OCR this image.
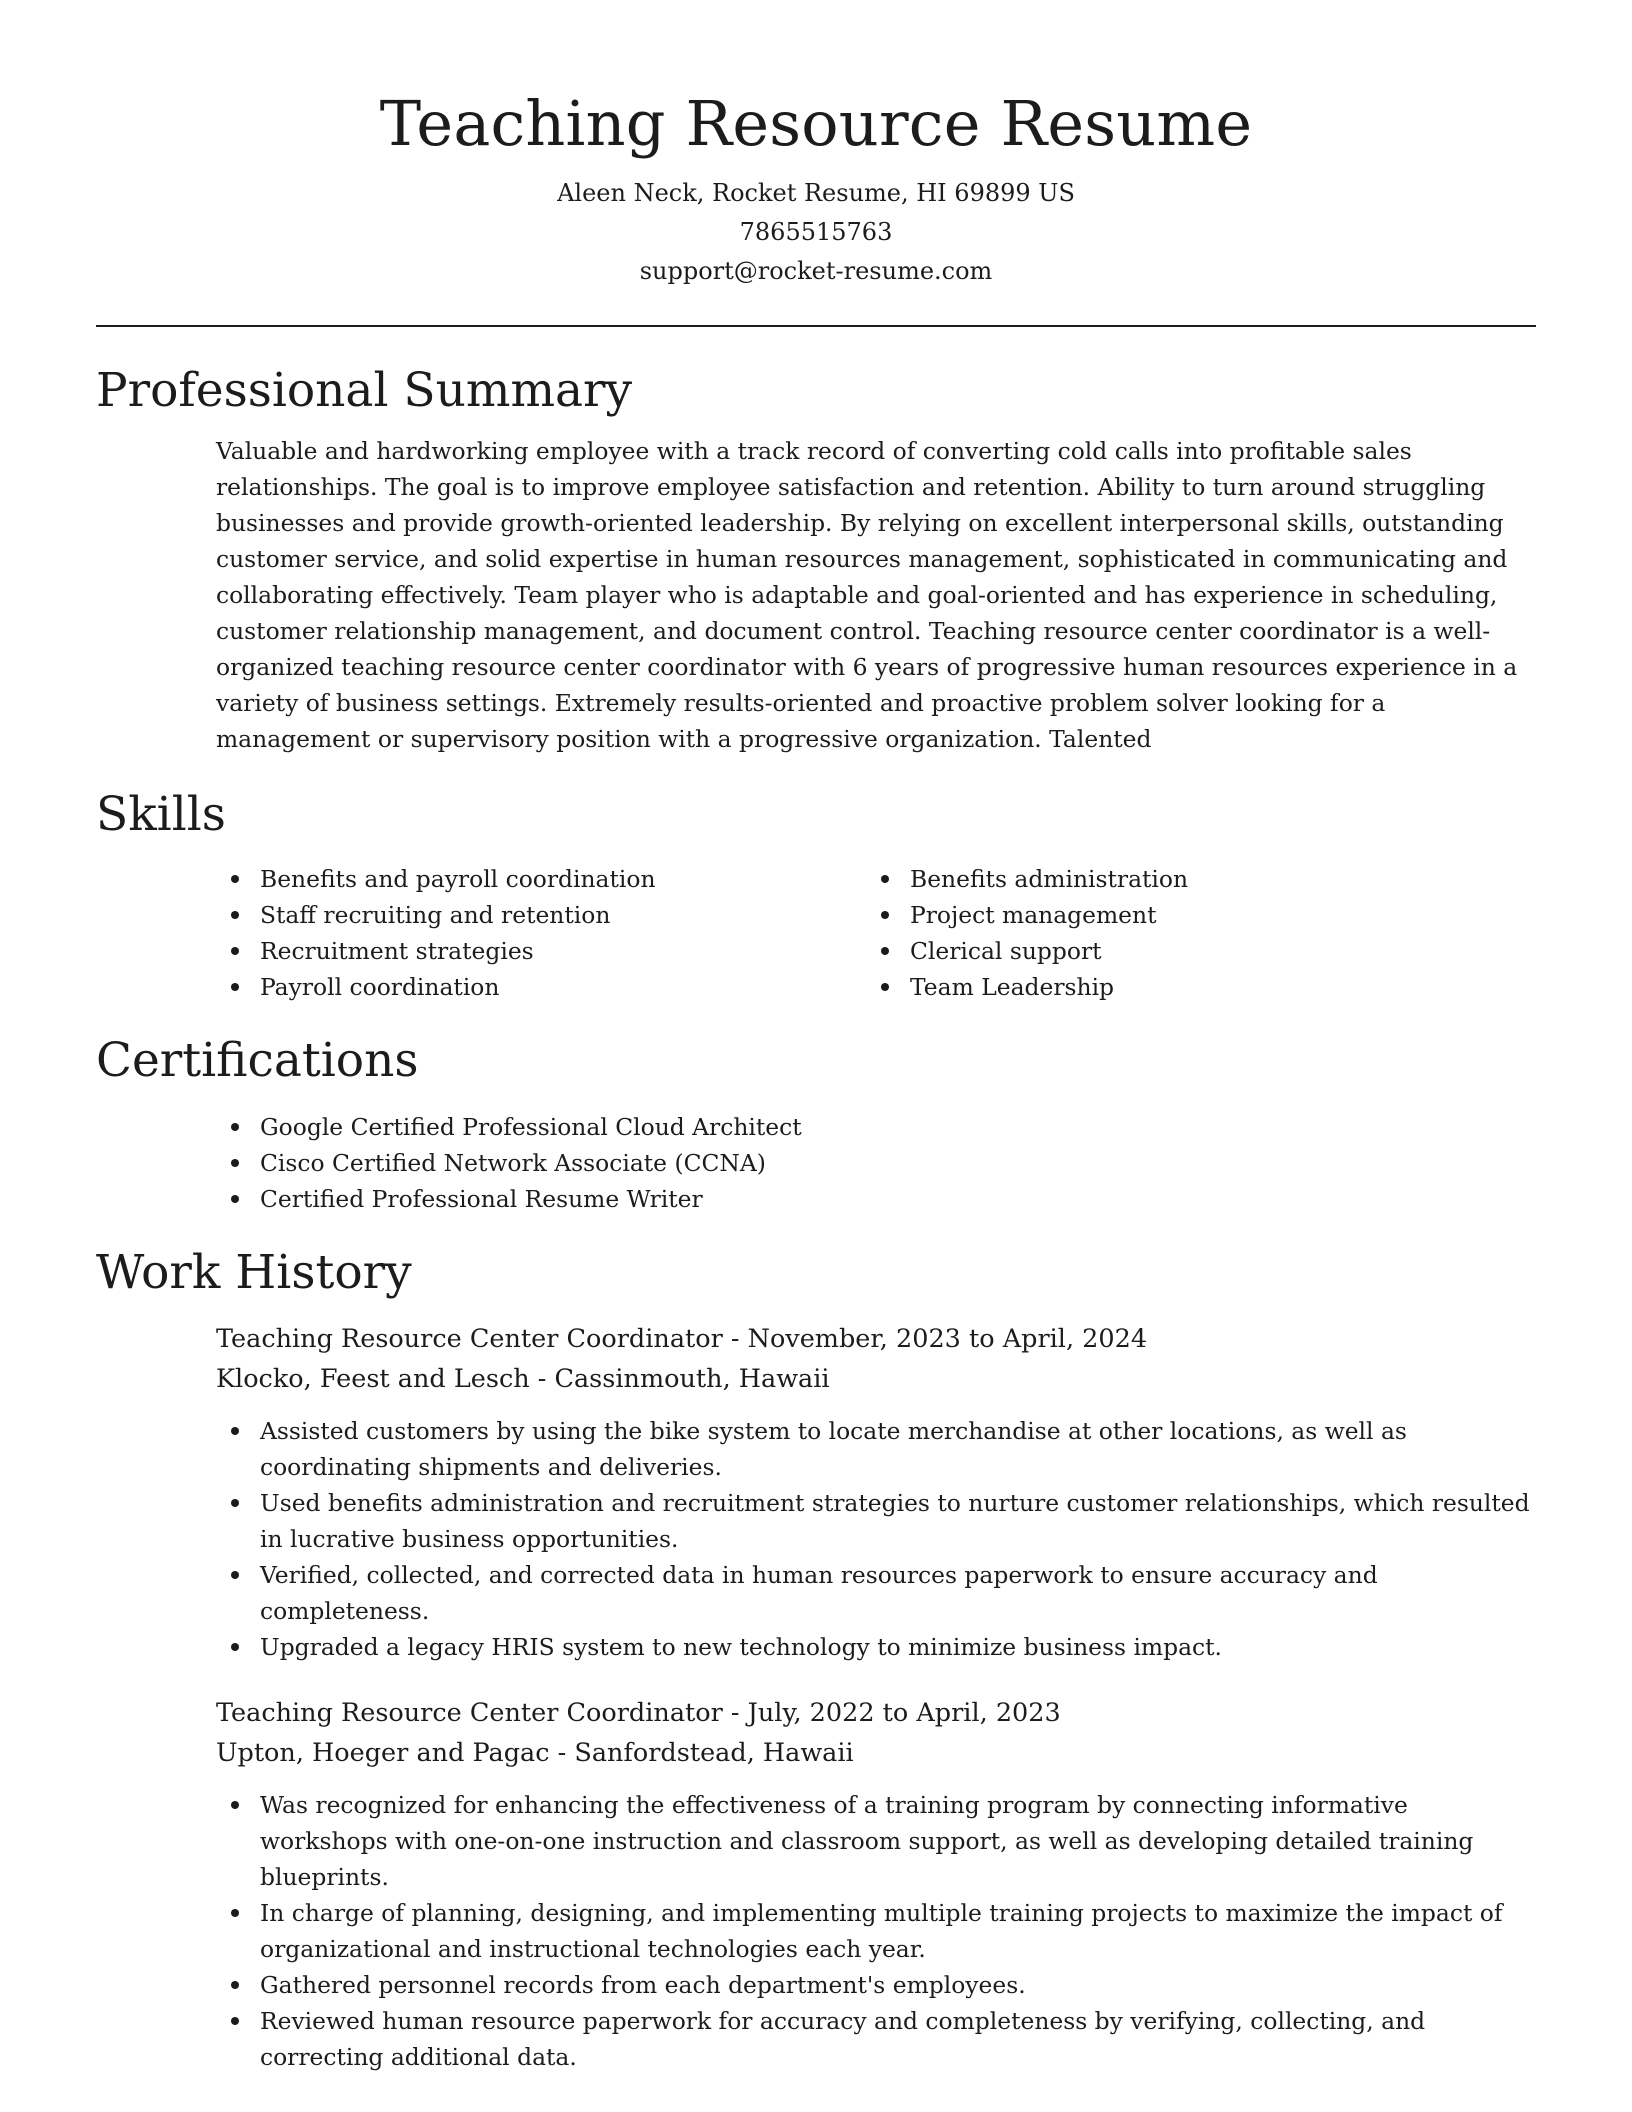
Teaching Resource Resume
Aleen Neck, Rocket Resume, HI 69899 US
7865515763
support@rocket-resume.com
Professional Summary

Valuable and hardworking employee with a track record of converting cold calls into profitable sales relationships. The goal is to improve employee satisfaction and retention. Ability to turn around struggling businesses and provide growth-oriented leadership. By relying on excellent interpersonal skills, outstanding customer service, and solid expertise in human resources management, sophisticated in communicating and collaborating effectively. Team player who is adaptable and goal-oriented and has experience in scheduling, customer relationship management, and document control. Teaching resource center coordinator is a well-organized teaching resource center coordinator with 6 years of progressive human resources experience in a variety of business settings. Extremely results-oriented and proactive problem solver looking for a management or supervisory position with a progressive organization. Talented

Skills
Benefits and payroll coordination
Staff recruiting and retention
Recruitment strategies
Payroll coordination
Benefits administration
Project management
Clerical support
Team Leadership
Certifications
Google Certified Professional Cloud Architect
Cisco Certified Network Associate (CCNA)
Certified Professional Resume Writer
Work History
Teaching Resource Center Coordinator - November, 2023 to April, 2024
Klocko, Feest and Lesch - Cassinmouth, Hawaii
Assisted customers by using the bike system to locate merchandise at other locations, as well as coordinating shipments and deliveries.
Used benefits administration and recruitment strategies to nurture customer relationships, which resulted in lucrative business opportunities.
Verified, collected, and corrected data in human resources paperwork to ensure accuracy and completeness.
Upgraded a legacy HRIS system to new technology to minimize business impact.
Teaching Resource Center Coordinator - July, 2022 to April, 2023
Upton, Hoeger and Pagac - Sanfordstead, Hawaii
Was recognized for enhancing the effectiveness of a training program by connecting informative workshops with one-on-one instruction and classroom support, as well as developing detailed training blueprints.
In charge of planning, designing, and implementing multiple training projects to maximize the impact of organizational and instructional technologies each year.
Gathered personnel records from each department's employees.
Reviewed human resource paperwork for accuracy and completeness by verifying, collecting, and correcting additional data.
